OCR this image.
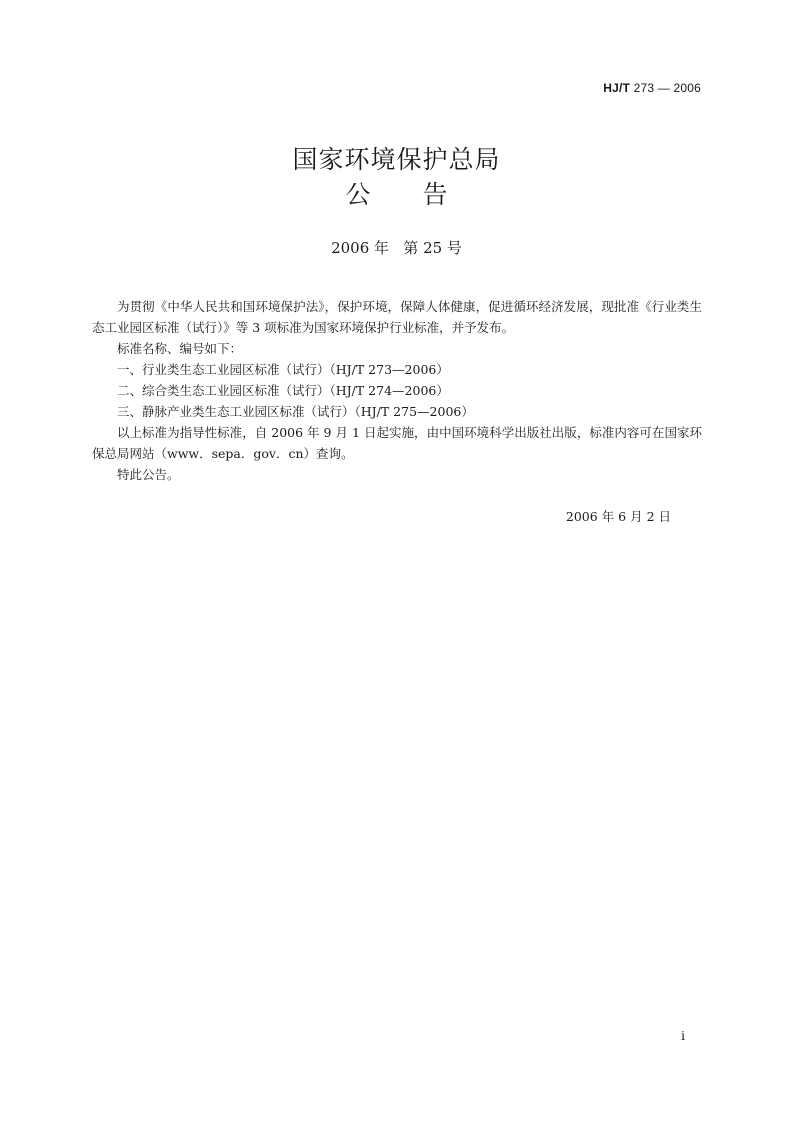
HJ/T 273 — 2006
国家环境保护总局
公告
2006 年   第 25 号

为贯彻《中华人民共和国环境保护法》，保护环境，保障人体健康，促进循环经济发展，现批准《行业类生态工业园区标准（试行）》等 3 项标准为国家环境保护行业标准，并予发布。

标准名称、编号如下：

一、行业类生态工业园区标准（试行）（HJ/T 273—2006）

二、综合类生态工业园区标准（试行）（HJ/T 274—2006）

三、静脉产业类生态工业园区标准（试行）（HJ/T 275—2006）

以上标准为指导性标准，自 2006 年 9 月 1 日起实施，由中国环境科学出版社出版，标准内容可在国家环保总局网站（www．sepa．gov．cn）查询。

特此公告。

2006 年 6 月 2 日
i
